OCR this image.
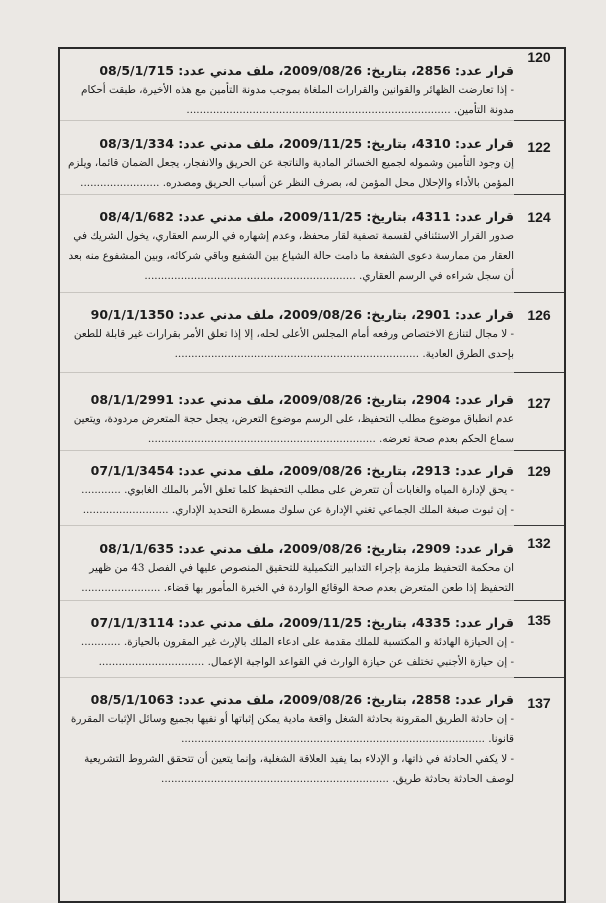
قرار عدد: 2856، بتاريخ: 2009/08/26، ملف مدني عدد: 08/5/1/715
- إذا تعارضت الظهائر والقوانين والقرارات الملغاة بموجب مدونة التأمين مع هذه الأخيرة، طبقت أحكام
مدونة التأمين. ................................................................................	120

قرار عدد: 4310، بتاريخ: 2009/11/25، ملف مدني عدد: 08/3/1/334
إن وجود التأمين وشموله لجميع الخسائر المادية والناتجة عن الحريق والانفجار، يجعل الضمان قائما، ويلزم
المؤمن بالأداء والإحلال محل المؤمن له، بصرف النظر عن أسباب الحريق ومصدره. ........................	122

قرار عدد: 4311، بتاريخ: 2009/11/25، ملف مدني عدد: 08/4/1/682
صدور القرار الاستئنافي لقسمة تصفية لقار محفظ، وعدم إشهاره في الرسم العقاري، يخول الشريك في
العقار من ممارسة دعوى الشفعة ما دامت حالة الشياع بين الشفيع وباقي شركائه، وبين المشفوع منه بعد
أن سجل شراءه في الرسم العقاري. ................................................................	124

قرار عدد: 2901، بتاريخ: 2009/08/26، ملف مدني عدد: 90/1/1/1350
- لا مجال لتنازع الاختصاص ورفعه أمام المجلس الأعلى لحله، إلا إذا تعلق الأمر بقرارات غير قابلة للطعن
بإحدى الطرق العادية. ..........................................................................	126

قرار عدد: 2904، بتاريخ: 2009/08/26، ملف مدني عدد: 08/1/1/2991
عدم انطباق موضوع مطلب التحفيظ، على الرسم موضوع التعرض، يجعل حجة المتعرض مردودة، ويتعين
سماع الحكم بعدم صحة تعرضه. .....................................................................	127

قرار عدد: 2913، بتاريخ: 2009/08/26، ملف مدني عدد: 07/1/1/3454
- يحق لإدارة المياه والغابات أن تتعرض على مطلب التحفيظ كلما تعلق الأمر بالملك الغابوي. ............
- إن ثبوت صبغة الملك الجماعي تغني الإدارة عن سلوك مسطرة التحديد الإداري. ..........................	129

قرار عدد: 2909، بتاريخ: 2009/08/26، ملف مدني عدد: 08/1/1/635
ان محكمة التحفيظ ملزمة بإجراء التدابير التكميلية للتحقيق المنصوص عليها في الفصل 43 من ظهير
التحفيظ إذا طعن المتعرض بعدم صحة الوقائع الواردة في الخبرة المأمور بها قضاء. ........................	132

قرار عدد: 4335، بتاريخ: 2009/11/25، ملف مدني عدد: 07/1/1/3114
- إن الحيازة الهادئة و المكتسبة للملك مقدمة على ادعاء الملك بالإرث غير المقرون بالحيازة. ............
- إن حيازة الأجنبي تختلف عن حيازة الوارث في القواعد الواجبة الإعمال. ................................	135

قرار عدد: 2858، بتاريخ: 2009/08/26، ملف مدني عدد: 08/5/1/1063
- إن حادثة الطريق المقرونة بحادثة الشغل واقعة مادية يمكن إثباتها أو نفيها بجميع وسائل الإثبات المقررة
قانونا. ............................................................................................
- لا يكفي الحادثة في ذاتها، و الإدلاء بما يفيد العلاقة الشغلية، وإنما يتعين أن تتحقق الشروط التشريعية
لوصف الحادثة بحادثة طريق. .....................................................................	137
